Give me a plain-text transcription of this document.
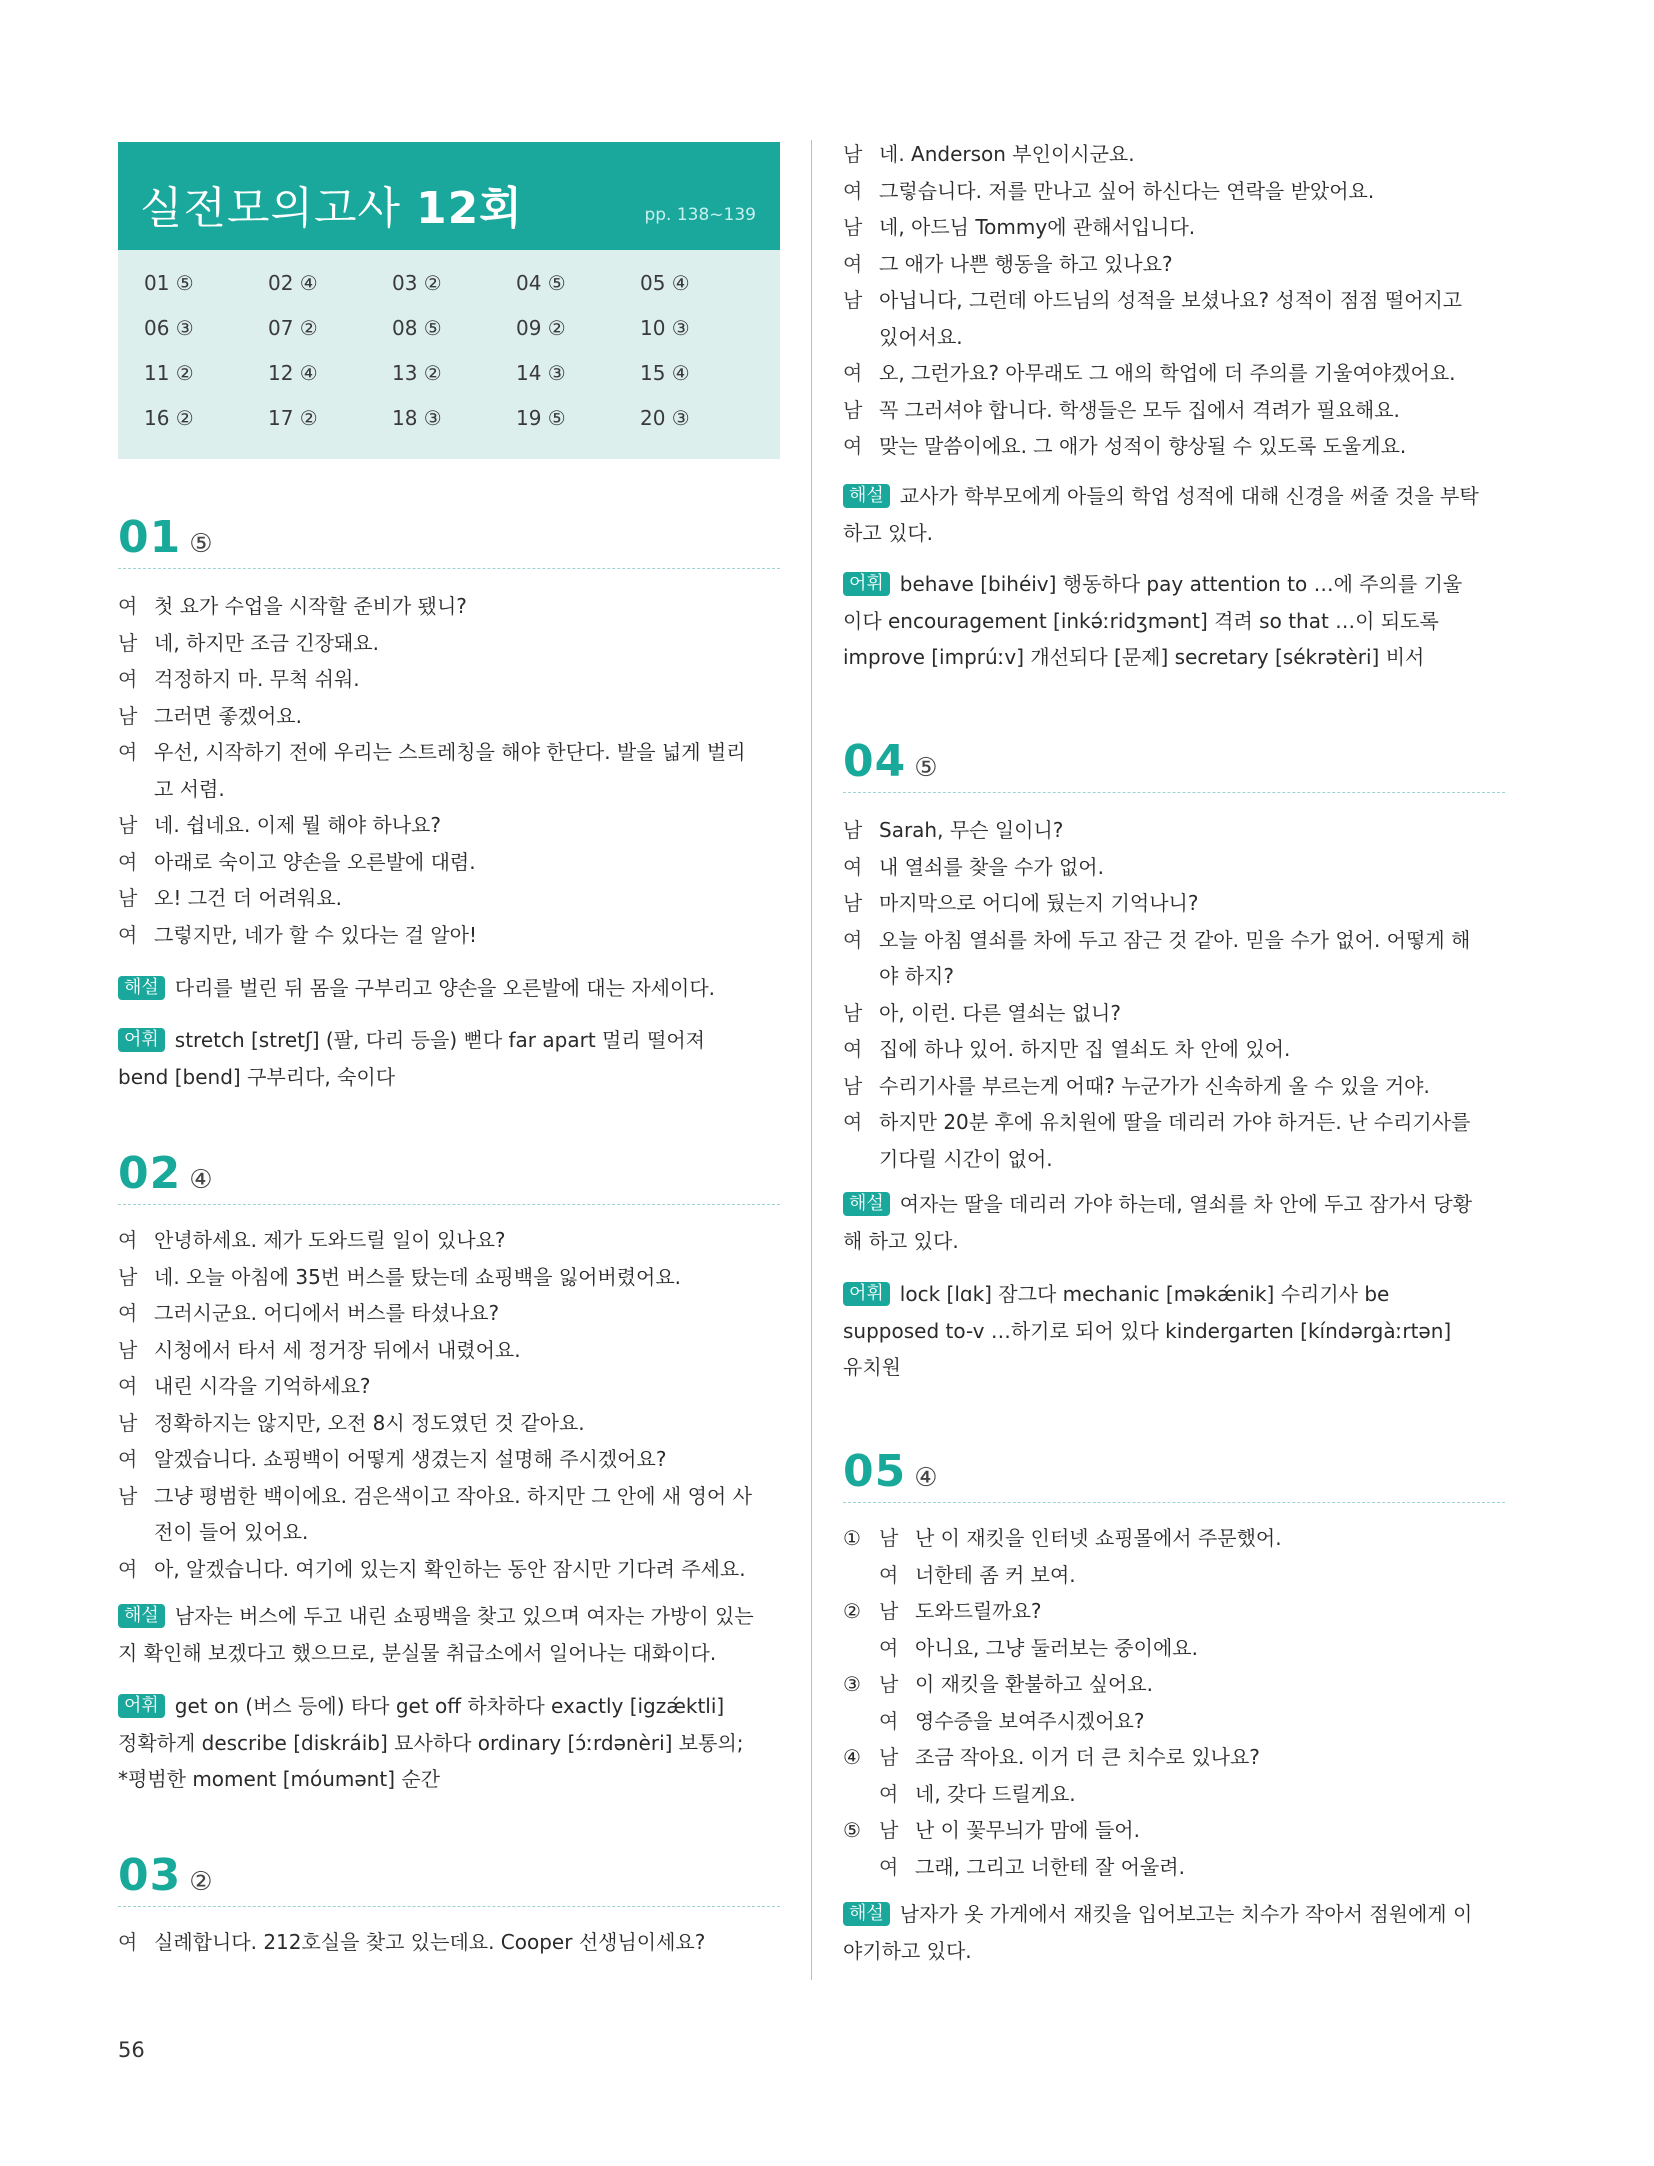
실전모의고사 12회	pp. 138~139
01 ⑤	02 ④	03 ②	04 ⑤	05 ④
06 ③	07 ②	08 ⑤	09 ②	10 ③
11 ②	12 ④	13 ②	14 ③	15 ④
16 ②	17 ②	18 ③	19 ⑤	20 ③
01 ⑤
여 첫 요가 수업을 시작할 준비가 됐니?
남 네, 하지만 조금 긴장돼요.
여 걱정하지 마. 무척 쉬워.
남 그러면 좋겠어요.
여 우선, 시작하기 전에 우리는 스트레칭을 해야 한단다. 발을 넓게 벌리
고 서렴.
남 네. 쉽네요. 이제 뭘 해야 하나요?
여 아래로 숙이고 양손을 오른발에 대렴.
남 오! 그건 더 어려워요.
여 그렇지만, 네가 할 수 있다는 걸 알아!
해설 다리를 벌린 뒤 몸을 구부리고 양손을 오른발에 대는 자세이다.
어휘 stretch [stretʃ] (팔, 다리 등을) 뻗다 far apart 멀리 떨어져
bend [bend] 구부리다, 숙이다
02 ④
여 안녕하세요. 제가 도와드릴 일이 있나요?
남 네. 오늘 아침에 35번 버스를 탔는데 쇼핑백을 잃어버렸어요.
여 그러시군요. 어디에서 버스를 타셨나요?
남 시청에서 타서 세 정거장 뒤에서 내렸어요.
여 내린 시각을 기억하세요?
남 정확하지는 않지만, 오전 8시 정도였던 것 같아요.
여 알겠습니다. 쇼핑백이 어떻게 생겼는지 설명해 주시겠어요?
남 그냥 평범한 백이에요. 검은색이고 작아요. 하지만 그 안에 새 영어 사
전이 들어 있어요.
여 아, 알겠습니다. 여기에 있는지 확인하는 동안 잠시만 기다려 주세요.
해설 남자는 버스에 두고 내린 쇼핑백을 찾고 있으며 여자는 가방이 있는
지 확인해 보겠다고 했으므로, 분실물 취급소에서 일어나는 대화이다.
어휘 get on (버스 등에) 타다 get off 하차하다 exactly [igzǽktli]
정확하게 describe [diskráib] 묘사하다 ordinary [ɔ́ːrdənèri] 보통의;
*평범한 moment [móumənt] 순간
03 ②
여 실례합니다. 212호실을 찾고 있는데요. Cooper 선생님이세요?
남 네. Anderson 부인이시군요.
여 그렇습니다. 저를 만나고 싶어 하신다는 연락을 받았어요.
남 네, 아드님 Tommy에 관해서입니다.
여 그 애가 나쁜 행동을 하고 있나요?
남 아닙니다, 그런데 아드님의 성적을 보셨나요? 성적이 점점 떨어지고
있어서요.
여 오, 그런가요? 아무래도 그 애의 학업에 더 주의를 기울여야겠어요.
남 꼭 그러셔야 합니다. 학생들은 모두 집에서 격려가 필요해요.
여 맞는 말씀이에요. 그 애가 성적이 향상될 수 있도록 도울게요.
해설 교사가 학부모에게 아들의 학업 성적에 대해 신경을 써줄 것을 부탁
하고 있다.
어휘 behave [bihéiv] 행동하다 pay attention to …에 주의를 기울
이다 encouragement [inkə́ːridʒmənt] 격려 so that …이 되도록
improve [imprúːv] 개선되다 [문제] secretary [sékrətèri] 비서
04 ⑤
남 Sarah, 무슨 일이니?
여 내 열쇠를 찾을 수가 없어.
남 마지막으로 어디에 뒀는지 기억나니?
여 오늘 아침 열쇠를 차에 두고 잠근 것 같아. 믿을 수가 없어. 어떻게 해
야 하지?
남 아, 이런. 다른 열쇠는 없니?
여 집에 하나 있어. 하지만 집 열쇠도 차 안에 있어.
남 수리기사를 부르는게 어때? 누군가가 신속하게 올 수 있을 거야.
여 하지만 20분 후에 유치원에 딸을 데리러 가야 하거든. 난 수리기사를
기다릴 시간이 없어.
해설 여자는 딸을 데리러 가야 하는데, 열쇠를 차 안에 두고 잠가서 당황
해 하고 있다.
어휘 lock [lɑk] 잠그다 mechanic [məkǽnik] 수리기사 be
supposed to-v …하기로 되어 있다 kindergarten [kíndərgàːrtən]
유치원
05 ④
① 남 난 이 재킷을 인터넷 쇼핑몰에서 주문했어.
여 너한테 좀 커 보여.
② 남 도와드릴까요?
여 아니요, 그냥 둘러보는 중이에요.
③ 남 이 재킷을 환불하고 싶어요.
여 영수증을 보여주시겠어요?
④ 남 조금 작아요. 이거 더 큰 치수로 있나요?
여 네, 갖다 드릴게요.
⑤ 남 난 이 꽃무늬가 맘에 들어.
여 그래, 그리고 너한테 잘 어울려.
해설 남자가 옷 가게에서 재킷을 입어보고는 치수가 작아서 점원에게 이
야기하고 있다.
56
